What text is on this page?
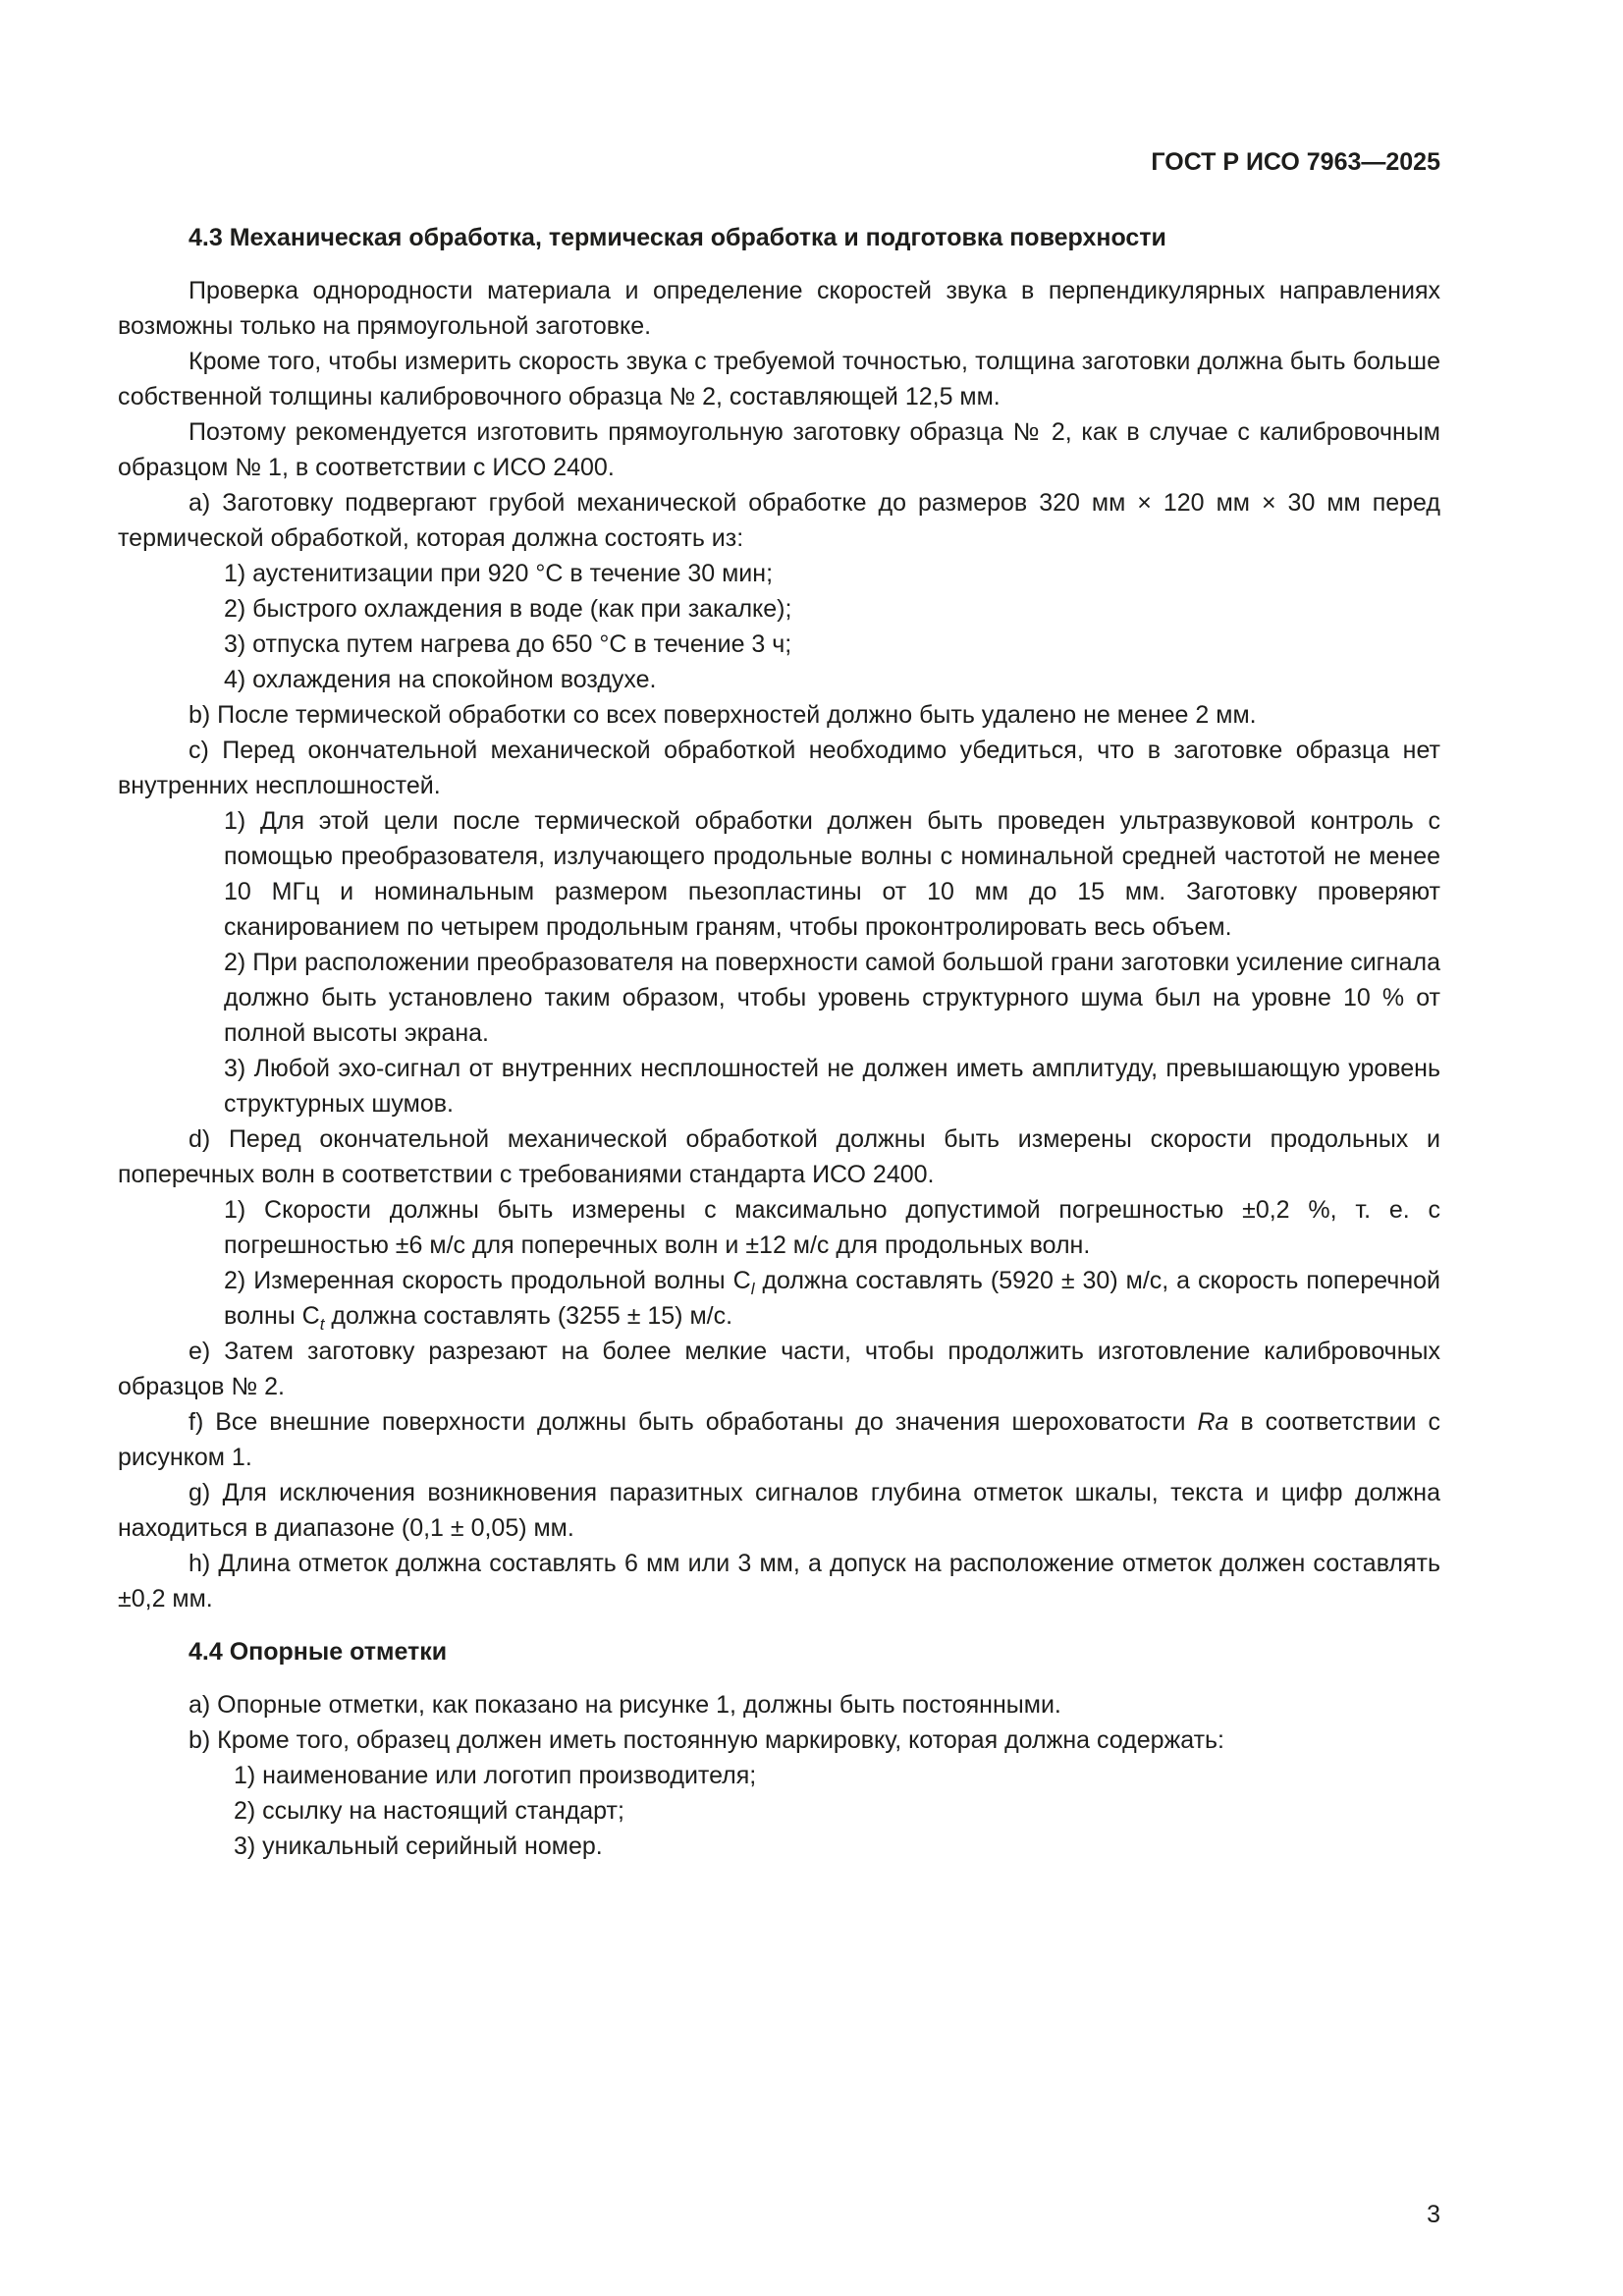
ГОСТ Р ИСО 7963—2025
4.3 Механическая обработка, термическая обработка и подготовка поверхности

Проверка однородности материала и определение скоростей звука в перпендикулярных направлениях возможны только на прямоугольной заготовке.

Кроме того, чтобы измерить скорость звука с требуемой точностью, толщина заготовки должна быть больше собственной толщины калибровочного образца № 2, составляющей 12,5 мм.

Поэтому рекомендуется изготовить прямоугольную заготовку образца № 2, как в случае с калибровочным образцом № 1, в соответствии с ИСО 2400.

a) Заготовку подвергают грубой механической обработке до размеров 320 мм × 120 мм × 30 мм перед термической обработкой, которая должна состоять из:

1) аустенитизации при 920 °C в течение 30 мин;
2) быстрого охлаждения в воде (как при закалке);
3) отпуска путем нагрева до 650 °C в течение 3 ч;
4) охлаждения на спокойном воздухе.

b) После термической обработки со всех поверхностей должно быть удалено не менее 2 мм.

c) Перед окончательной механической обработкой необходимо убедиться, что в заготовке образца нет внутренних несплошностей.

1) Для этой цели после термической обработки должен быть проведен ультразвуковой контроль с помощью преобразователя, излучающего продольные волны с номинальной средней частотой не менее 10 МГц и номинальным размером пьезопластины от 10 мм до 15 мм. Заготовку проверяют сканированием по четырем продольным граням, чтобы проконтролировать весь объем.
2) При расположении преобразователя на поверхности самой большой грани заготовки усиление сигнала должно быть установлено таким образом, чтобы уровень структурного шума был на уровне 10 % от полной высоты экрана.
3) Любой эхо-сигнал от внутренних несплошностей не должен иметь амплитуду, превышающую уровень структурных шумов.

d) Перед окончательной механической обработкой должны быть измерены скорости продольных и поперечных волн в соответствии с требованиями стандарта ИСО 2400.

1) Скорости должны быть измерены с максимально допустимой погрешностью ±0,2 %, т. е. с погрешностью ±6 м/с для поперечных волн и ±12 м/с для продольных волн.
2) Измеренная скорость продольной волны $C_l$ должна составлять (5920 ± 30) м/с, а скорость поперечной волны $C_t$ должна составлять (3255 ± 15) м/с.

e) Затем заготовку разрезают на более мелкие части, чтобы продолжить изготовление калибровочных образцов № 2.

f) Все внешние поверхности должны быть обработаны до значения шероховатости Ra в соответствии с рисунком 1.

g) Для исключения возникновения паразитных сигналов глубина отметок шкалы, текста и цифр должна находиться в диапазоне (0,1 ± 0,05) мм.

h) Длина отметок должна составлять 6 мм или 3 мм, а допуск на расположение отметок должен составлять ±0,2 мм.

4.4 Опорные отметки

a) Опорные отметки, как показано на рисунке 1, должны быть постоянными.

b) Кроме того, образец должен иметь постоянную маркировку, которая должна содержать:

1) наименование или логотип производителя;
2) ссылку на настоящий стандарт;
3) уникальный серийный номер.
3
